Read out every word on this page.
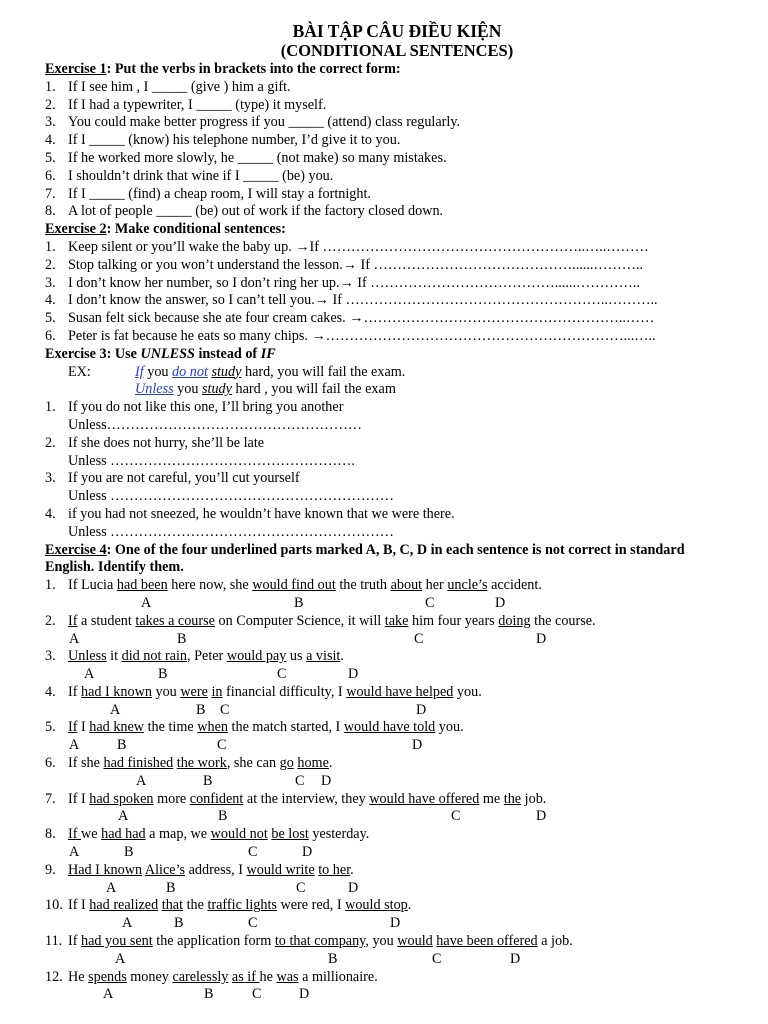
BÀI TẬP CÂU ĐIỀU KIỆN
(CONDITIONAL SENTENCES)
Exercise 1: Put the verbs in brackets into the correct form:
1. If I see him , I _____ (give ) him a gift.
2. If I had a typewriter, I _____ (type) it myself.
3. You could make better progress if you _____ (attend) class regularly.
4. If I _____ (know) his telephone number, I’d give it to you.
5. If he worked more slowly, he _____ (not make) so many mistakes.
6. I shouldn’t drink that wine if I _____ (be) you.
7. If I _____ (find) a cheap room, I will stay a fortnight.
8. A lot of people _____ (be) out of work if the factory closed down.
Exercise 2: Make conditional sentences:
1. Keep silent or you’ll wake the baby up. →If ………………………………………………..…..………
2. Stop talking or you won’t understand the lesson.→ If ……………………………………......………..
3. I don’t know her number, so I don’t ring her up.→ If …………………………………......…………..
4. I don’t know the answer, so I can’t tell you.→ If ………………………………………………..………..
5. Susan felt sick because she ate four cream cakes. →………………………………………………..……
6. Peter is fat because he eats so many chips. →………………………………………………………...…..
Exercise 3: Use UNLESS instead of IF
EX:	If you do not study hard, you will fail the exam.
Unless you study hard , you will fail the exam
1. If you do not like this one, I’ll bring you another
Unless………………………………………………
2. If she does not hurry, she’ll be late
Unless …………………………………………….
3. If you are not careful, you’ll cut yourself
Unless ……………………………………………………
4. if you had not sneezed, he wouldn’t have known that we were there.
Unless ……………………………………………………
Exercise 4: One of the four underlined parts marked A, B, C, D in each sentence is not correct in standard English. Identify them.
1. If Lucia had been here now, she would find out the truth about her uncle’s accident.
A	B	C	D
2. If a student takes a course on Computer Science, it will take him four years doing the course.
A	B	C	D
3. Unless it did not rain, Peter would pay us a visit.
A	B	C	D
4. If had I known you were in financial difficulty, I would have helped you.
A	B C	D
5. If I had knew the time when the match started, I would have told you.
A	B	C	D
6. If she had finished the work, she can go home.
A	B	C D
7. If I had spoken more confident at the interview, they would have offered me the job.
A	B	C	D
8. If we had had a map, we would not be lost yesterday.
A	B	C	D
9. Had I known Alice’s address, I would write to her.
A	B	C	D
10. If I had realized that the traffic lights were red, I would stop.
A	B	C	D
11. If had you sent the application form to that company, you would have been offered a job.
A	B	C	D
12. He spends money carelessly as if he was a millionaire.
A	B	C	D
